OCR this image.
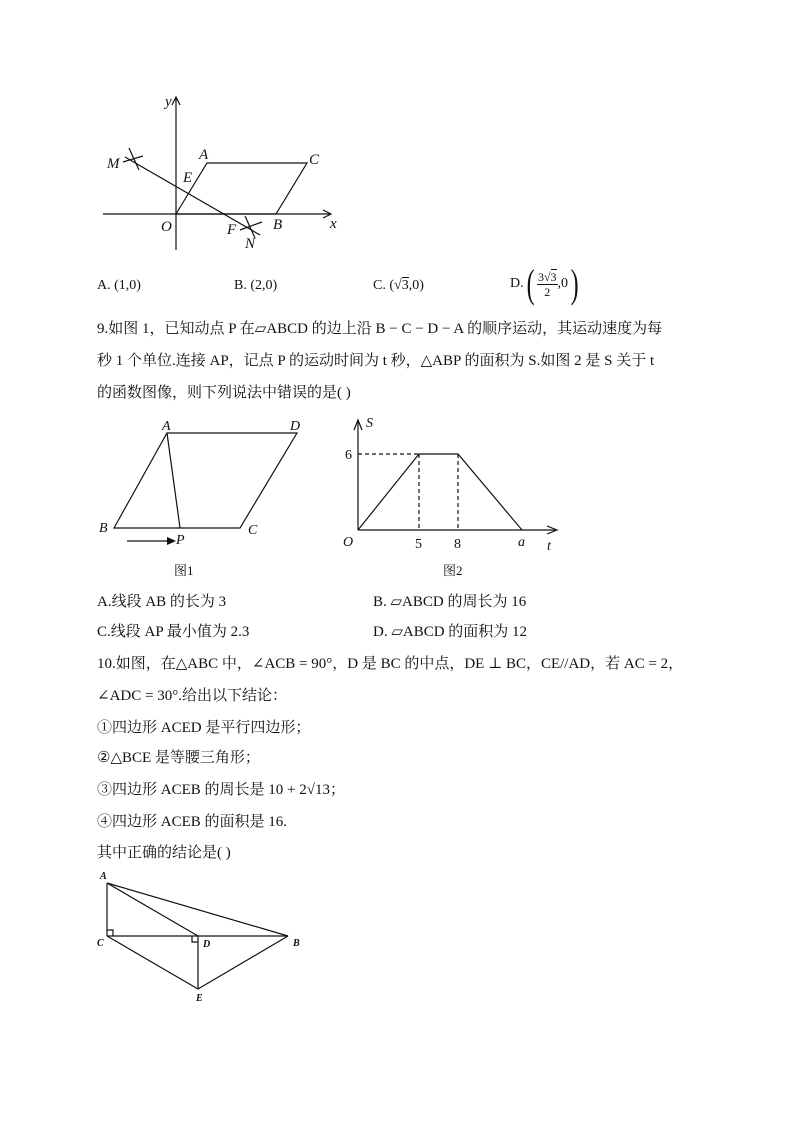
y
x
M
A	C
E
O	F B
N
A. (1,0)	B. (2,0)	C. (√3,0)	D. ( $\frac{3√3}{2} ,0$ )
9.如图 1，已知动点 P 在▱ABCD 的边上沿 B − C − D − A 的顺序运动，其运动速度为每
秒 1 个单位.连接 AP，记点 P 的运动时间为 t 秒，△ABP 的面积为 S.如图 2 是 S 关于 t
的函数图像，则下列说法中错误的是( )
A	D
B
P
C
图1
S
6
O	5 8	a t
图2
A.线段 AB 的长为 3	B. ▱ABCD 的周长为 16
C.线段 AP 最小值为 2.3	D. ▱ABCD 的面积为 12
10.如图，在△ABC 中，∠ACB = 90°，D 是 BC 的中点，DE ⊥ BC，CE//AD，若 AC = 2，
∠ADC = 30°.给出以下结论：
①四边形 ACED 是平行四边形；
②△BCE 是等腰三角形；
③四边形 ACEB 的周长是 10 + 2√13；
④四边形 ACEB 的面积是 16.
其中正确的结论是( )
A
C	D	B
E
